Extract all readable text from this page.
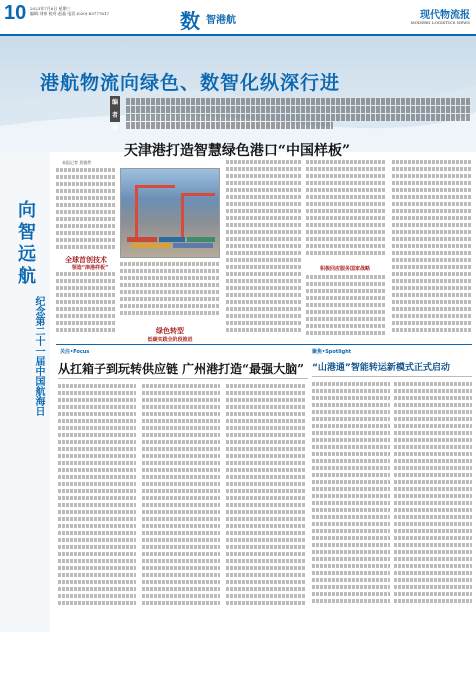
10 2023年7月6日 星期三
编辑:刘祎 校对:赵晶 电话:(020)-83777617	数 智港航	现代物流报
MODERN LOGISTICS NEWS
港航物流向绿色、数智化纵深行进
编者按

向智远航
纪念第二十一届中国航海日
天津港打造智慧绿色港口“中国样板”
本报记者 贺雅然
全球首创技术
领造“津港样板”
绿色转型
低碳实践全阶段推进
积极回应服务国家战略
关注•Focus
从扛箱子到玩转供应链 广州港打造“最强大脑”
聚焦•Spotlight
“山港通”智能转运新模式正式启动
